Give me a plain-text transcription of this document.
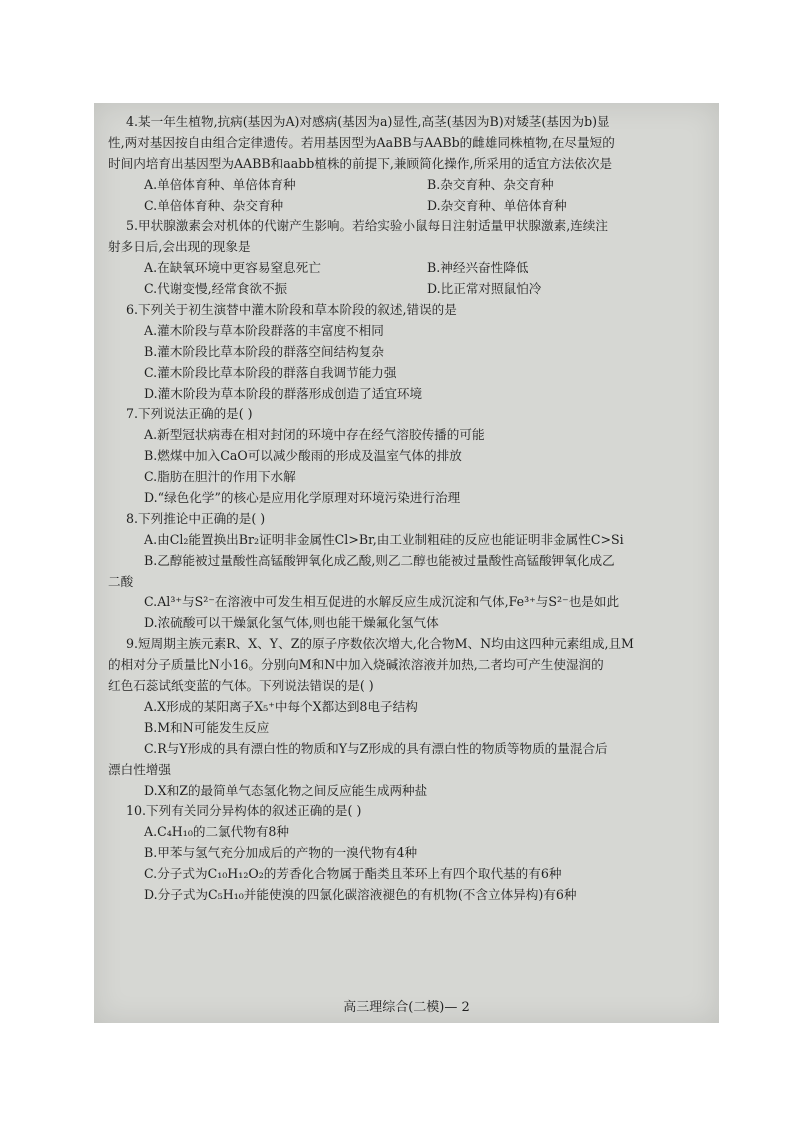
4.某一年生植物,抗病(基因为A)对感病(基因为a)显性,高茎(基因为B)对矮茎(基因为b)显
性,两对基因按自由组合定律遗传。若用基因型为AaBB与AABb的雌雄同株植物,在尽量短的
时间内培育出基因型为AABB和aabb植株的前提下,兼顾简化操作,所采用的适宜方法依次是
A.单倍体育种、单倍体育种	B.杂交育种、杂交育种
C.单倍体育种、杂交育种	D.杂交育种、单倍体育种
5.甲状腺激素会对机体的代谢产生影响。若给实验小鼠每日注射适量甲状腺激素,连续注
射多日后,会出现的现象是
A.在缺氧环境中更容易窒息死亡	B.神经兴奋性降低
C.代谢变慢,经常食欲不振	D.比正常对照鼠怕冷
6.下列关于初生演替中灌木阶段和草本阶段的叙述,错误的是
A.灌木阶段与草本阶段群落的丰富度不相同
B.灌木阶段比草本阶段的群落空间结构复杂
C.灌木阶段比草本阶段的群落自我调节能力强
D.灌木阶段为草本阶段的群落形成创造了适宜环境
7.下列说法正确的是( )
A.新型冠状病毒在相对封闭的环境中存在经气溶胶传播的可能
B.燃煤中加入CaO可以减少酸雨的形成及温室气体的排放
C.脂肪在胆汁的作用下水解
D.“绿色化学”的核心是应用化学原理对环境污染进行治理
8.下列推论中正确的是( )
A.由Cl₂能置换出Br₂证明非金属性Cl>Br,由工业制粗硅的反应也能证明非金属性C>Si
B.乙醇能被过量酸性高锰酸钾氧化成乙酸,则乙二醇也能被过量酸性高锰酸钾氧化成乙
二酸
C.Al³⁺与S²⁻在溶液中可发生相互促进的水解反应生成沉淀和气体,Fe³⁺与S²⁻也是如此
D.浓硫酸可以干燥氯化氢气体,则也能干燥氟化氢气体
9.短周期主族元素R、X、Y、Z的原子序数依次增大,化合物M、N均由这四种元素组成,且M
的相对分子质量比N小16。分别向M和N中加入烧碱浓溶液并加热,二者均可产生使湿润的
红色石蕊试纸变蓝的气体。下列说法错误的是( )
A.X形成的某阳离子X₅⁺中每个X都达到8电子结构
B.M和N可能发生反应
C.R与Y形成的具有漂白性的物质和Y与Z形成的具有漂白性的物质等物质的量混合后
漂白性增强
D.X和Z的最简单气态氢化物之间反应能生成两种盐
10.下列有关同分异构体的叙述正确的是( )
A.C₄H₁₀的二氯代物有8种
B.甲苯与氢气充分加成后的产物的一溴代物有4种
C.分子式为C₁₀H₁₂O₂的芳香化合物属于酯类且苯环上有四个取代基的有6种
D.分子式为C₅H₁₀并能使溴的四氯化碳溶液褪色的有机物(不含立体异构)有6种
高三理综合(二模)— 2
